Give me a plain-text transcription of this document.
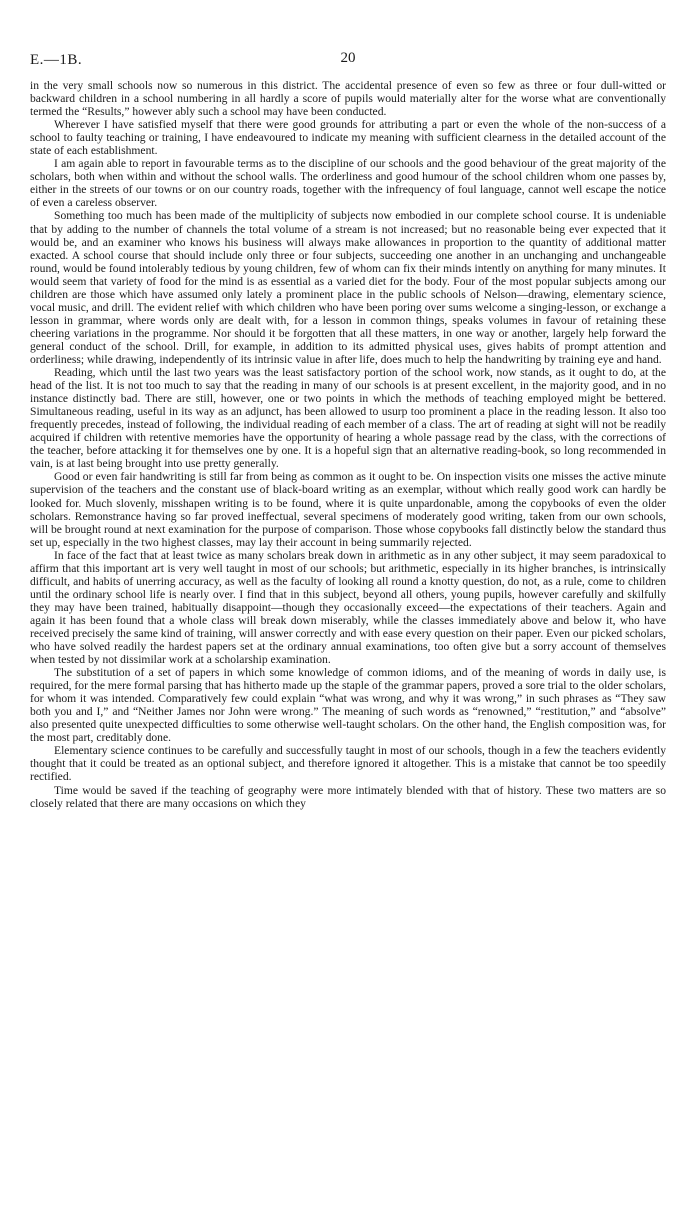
E.—1B.	20

in the very small schools now so numerous in this district. The accidental presence of even so few as three or four dull-witted or backward children in a school numbering in all hardly a score of pupils would materially alter for the worse what are conventionally termed the “Results,” however ably such a school may have been conducted.

Wherever I have satisfied myself that there were good grounds for attributing a part or even the whole of the non-success of a school to faulty teaching or training, I have endeavoured to indicate my meaning with sufficient clearness in the detailed account of the state of each establishment.

I am again able to report in favourable terms as to the discipline of our schools and the good behaviour of the great majority of the scholars, both when within and without the school walls. The orderliness and good humour of the school children whom one passes by, either in the streets of our towns or on our country roads, together with the infrequency of foul language, cannot well escape the notice of even a careless observer.

Something too much has been made of the multiplicity of subjects now embodied in our complete school course. It is undeniable that by adding to the number of channels the total volume of a stream is not increased; but no reasonable being ever expected that it would be, and an examiner who knows his business will always make allowances in proportion to the quantity of additional matter exacted. A school course that should include only three or four subjects, succeeding one another in an unchanging and unchangeable round, would be found intolerably tedious by young children, few of whom can fix their minds intently on anything for many minutes. It would seem that variety of food for the mind is as essential as a varied diet for the body. Four of the most popular subjects among our children are those which have assumed only lately a prominent place in the public schools of Nelson—drawing, elementary science, vocal music, and drill. The evident relief with which children who have been poring over sums welcome a singing-lesson, or exchange a lesson in grammar, where words only are dealt with, for a lesson in common things, speaks volumes in favour of retaining these cheering variations in the programme. Nor should it be forgotten that all these matters, in one way or another, largely help forward the general conduct of the school. Drill, for example, in addition to its admitted physical uses, gives habits of prompt attention and orderliness; while drawing, independently of its intrinsic value in after life, does much to help the handwriting by training eye and hand.

Reading, which until the last two years was the least satisfactory portion of the school work, now stands, as it ought to do, at the head of the list. It is not too much to say that the reading in many of our schools is at present excellent, in the majority good, and in no instance distinctly bad. There are still, however, one or two points in which the methods of teaching employed might be bettered. Simultaneous reading, useful in its way as an adjunct, has been allowed to usurp too prominent a place in the reading lesson. It also too frequently precedes, instead of following, the individual reading of each member of a class. The art of reading at sight will not be readily acquired if children with retentive memories have the opportunity of hearing a whole passage read by the class, with the corrections of the teacher, before attacking it for themselves one by one. It is a hopeful sign that an alternative reading-book, so long recommended in vain, is at last being brought into use pretty generally.

Good or even fair handwriting is still far from being as common as it ought to be. On inspection visits one misses the active minute supervision of the teachers and the constant use of black-board writing as an exemplar, without which really good work can hardly be looked for. Much slovenly, misshapen writing is to be found, where it is quite unpardonable, among the copybooks of even the older scholars. Remonstrance having so far proved ineffectual, several specimens of moderately good writing, taken from our own schools, will be brought round at next examination for the purpose of comparison. Those whose copybooks fall distinctly below the standard thus set up, especially in the two highest classes, may lay their account in being summarily rejected.

In face of the fact that at least twice as many scholars break down in arithmetic as in any other subject, it may seem paradoxical to affirm that this important art is very well taught in most of our schools; but arithmetic, especially in its higher branches, is intrinsically difficult, and habits of unerring accuracy, as well as the faculty of looking all round a knotty question, do not, as a rule, come to children until the ordinary school life is nearly over. I find that in this subject, beyond all others, young pupils, however carefully and skilfully they may have been trained, habitually disappoint—though they occasionally exceed—the expectations of their teachers. Again and again it has been found that a whole class will break down miserably, while the classes immediately above and below it, who have received precisely the same kind of training, will answer correctly and with ease every question on their paper. Even our picked scholars, who have solved readily the hardest papers set at the ordinary annual examinations, too often give but a sorry account of themselves when tested by not dissimilar work at a scholarship examination.

The substitution of a set of papers in which some knowledge of common idioms, and of the meaning of words in daily use, is required, for the mere formal parsing that has hitherto made up the staple of the grammar papers, proved a sore trial to the older scholars, for whom it was intended. Comparatively few could explain “what was wrong, and why it was wrong,” in such phrases as “They saw both you and I,” and “Neither James nor John were wrong.” The meaning of such words as “renowned,” “restitution,” and “absolve” also presented quite unexpected difficulties to some otherwise well-taught scholars. On the other hand, the English composition was, for the most part, creditably done.

Elementary science continues to be carefully and successfully taught in most of our schools, though in a few the teachers evidently thought that it could be treated as an optional subject, and therefore ignored it altogether. This is a mistake that cannot be too speedily rectified.

Time would be saved if the teaching of geography were more intimately blended with that of history. These two matters are so closely related that there are many occasions on which they
